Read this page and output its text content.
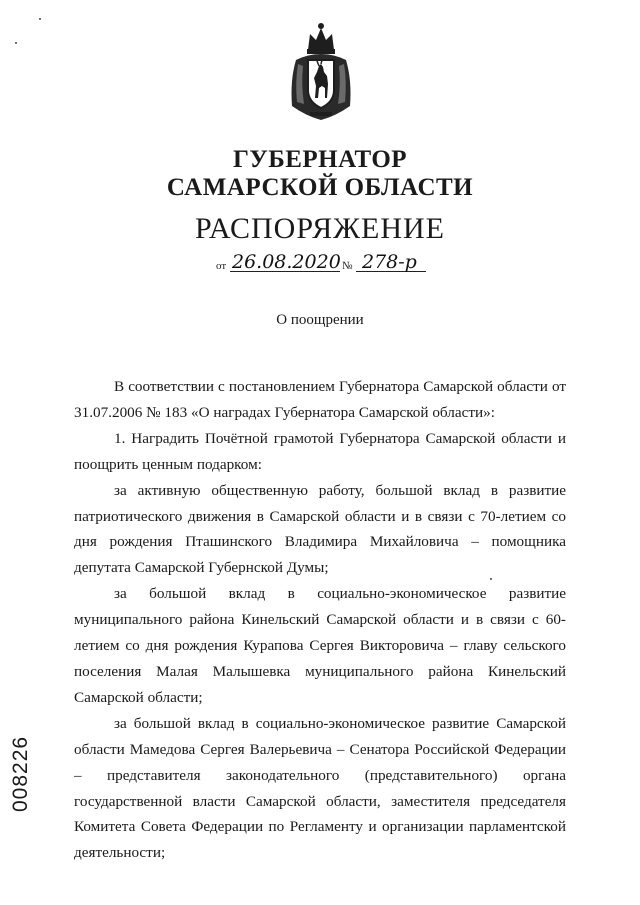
ГУБЕРНАТОР
САМАРСКОЙ ОБЛАСТИ
РАСПОРЯЖЕНИЕ
от 26.08.2020 № 278-р
О поощрении

В соответствии с постановлением Губернатора Самарской области от 31.07.2006 № 183 «О наградах Губернатора Самарской области»:

1. Наградить Почётной грамотой Губернатора Самарской области и поощрить ценным подарком:

за активную общественную работу, большой вклад в развитие патриотического движения в Самарской области и в связи с 70-летием со дня рождения Пташинского Владимира Михайловича – помощника депутата Самарской Губернской Думы;

за большой вклад в социально-экономическое развитие муниципального района Кинельский Самарской области и в связи с 60-летием со дня рождения Курапова Сергея Викторовича – главу сельского поселения Малая Малышевка муниципального района Кинельский Самарской области;

за большой вклад в социально-экономическое развитие Самарской области Мамедова Сергея Валерьевича – Сенатора Российской Федерации – представителя законодательного (представительного) органа государственной власти Самарской области, заместителя председателя Комитета Совета Федерации по Регламенту и организации парламентской деятельности;

008226
